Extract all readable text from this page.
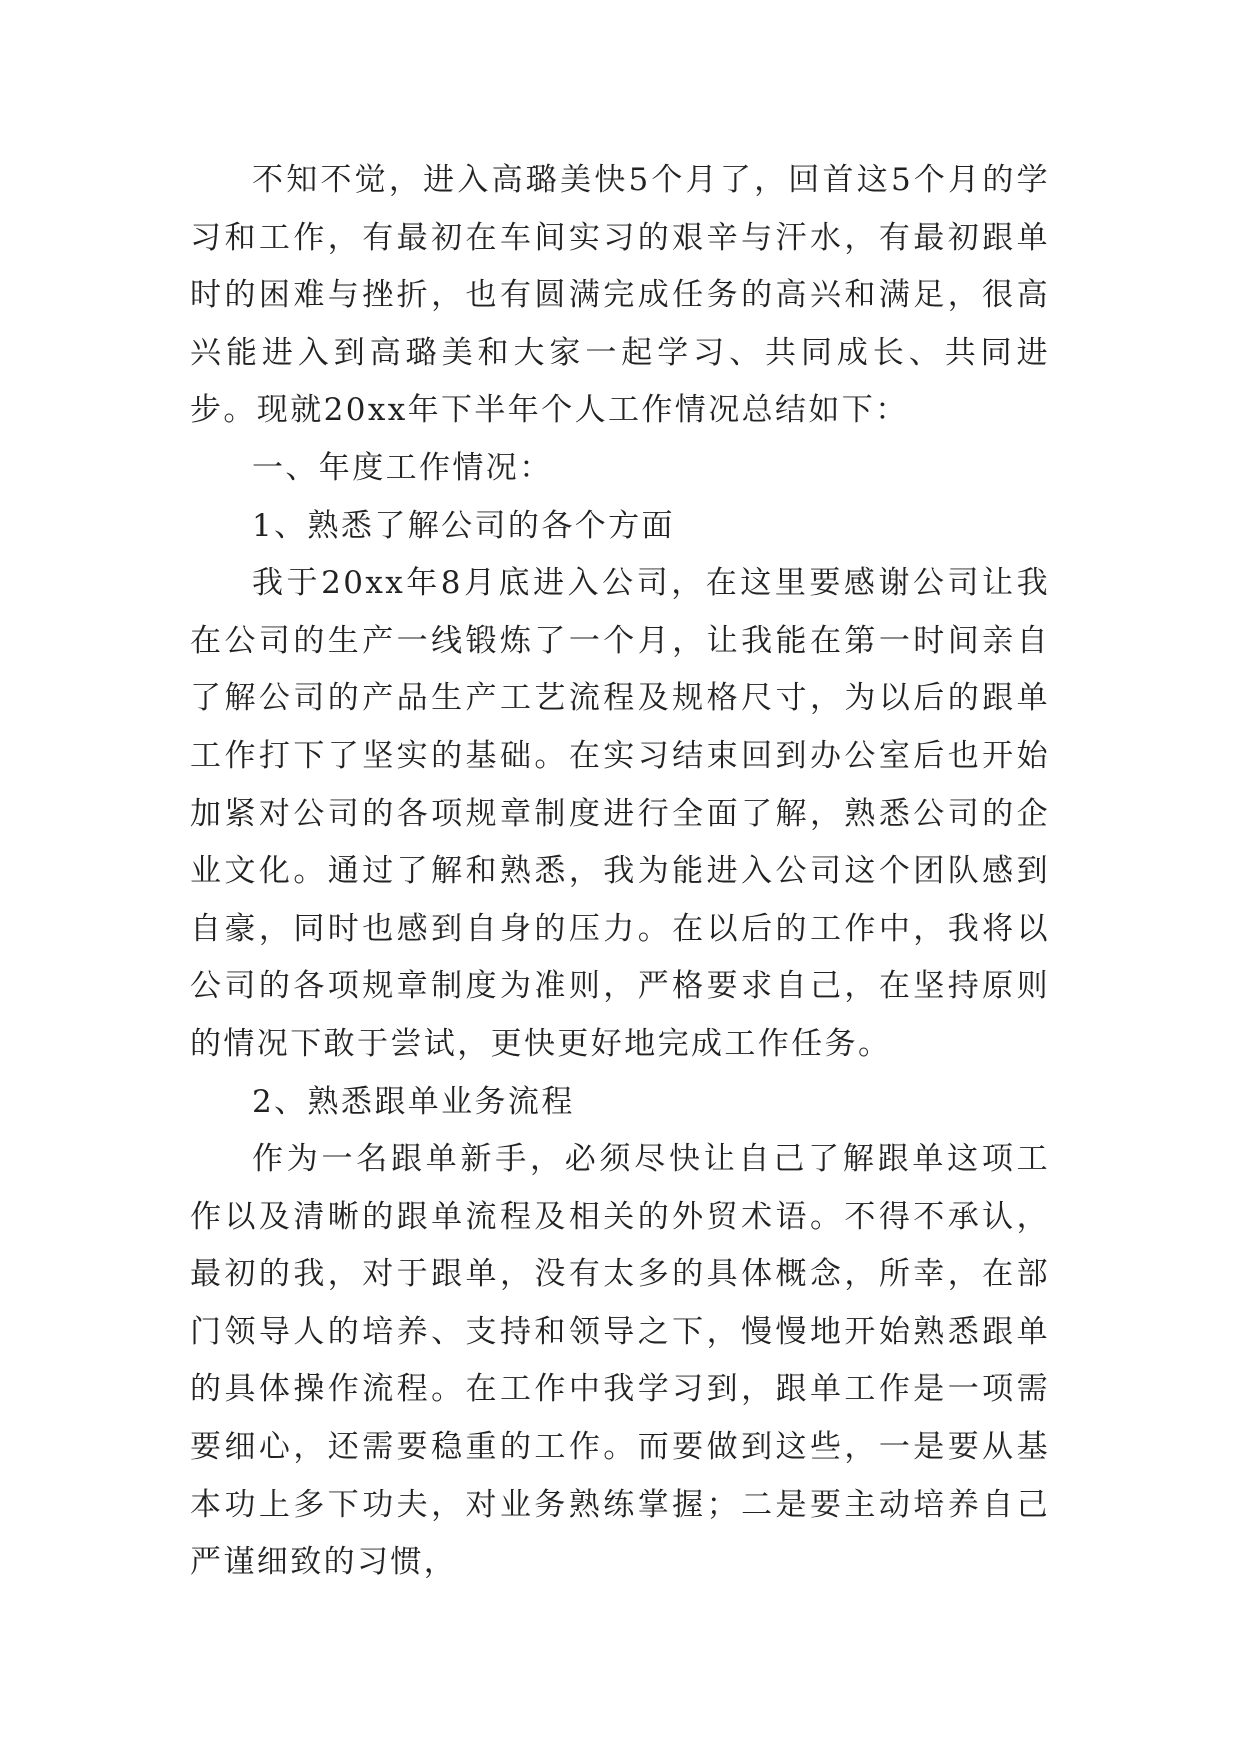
不知不觉，进入高璐美快5个月了，回首这5个月的学习和工作，有最初在车间实习的艰辛与汗水，有最初跟单时的困难与挫折，也有圆满完成任务的高兴和满足，很高兴能进入到高璐美和大家一起学习、共同成长、共同进步。现就20xx年下半年个人工作情况总结如下：

一、年度工作情况：

1、熟悉了解公司的各个方面

我于20xx年8月底进入公司，在这里要感谢公司让我在公司的生产一线锻炼了一个月，让我能在第一时间亲自了解公司的产品生产工艺流程及规格尺寸，为以后的跟单工作打下了坚实的基础。在实习结束回到办公室后也开始加紧对公司的各项规章制度进行全面了解，熟悉公司的企业文化。通过了解和熟悉，我为能进入公司这个团队感到自豪，同时也感到自身的压力。在以后的工作中，我将以公司的各项规章制度为准则，严格要求自己，在坚持原则的情况下敢于尝试，更快更好地完成工作任务。

2、熟悉跟单业务流程

作为一名跟单新手，必须尽快让自己了解跟单这项工作以及清晰的跟单流程及相关的外贸术语。不得不承认，最初的我，对于跟单，没有太多的具体概念，所幸，在部门领导人的培养、支持和领导之下，慢慢地开始熟悉跟单的具体操作流程。在工作中我学习到，跟单工作是一项需要细心，还需要稳重的工作。而要做到这些，一是要从基本功上多下功夫，对业务熟练掌握；二是要主动培养自己严谨细致的习惯，
